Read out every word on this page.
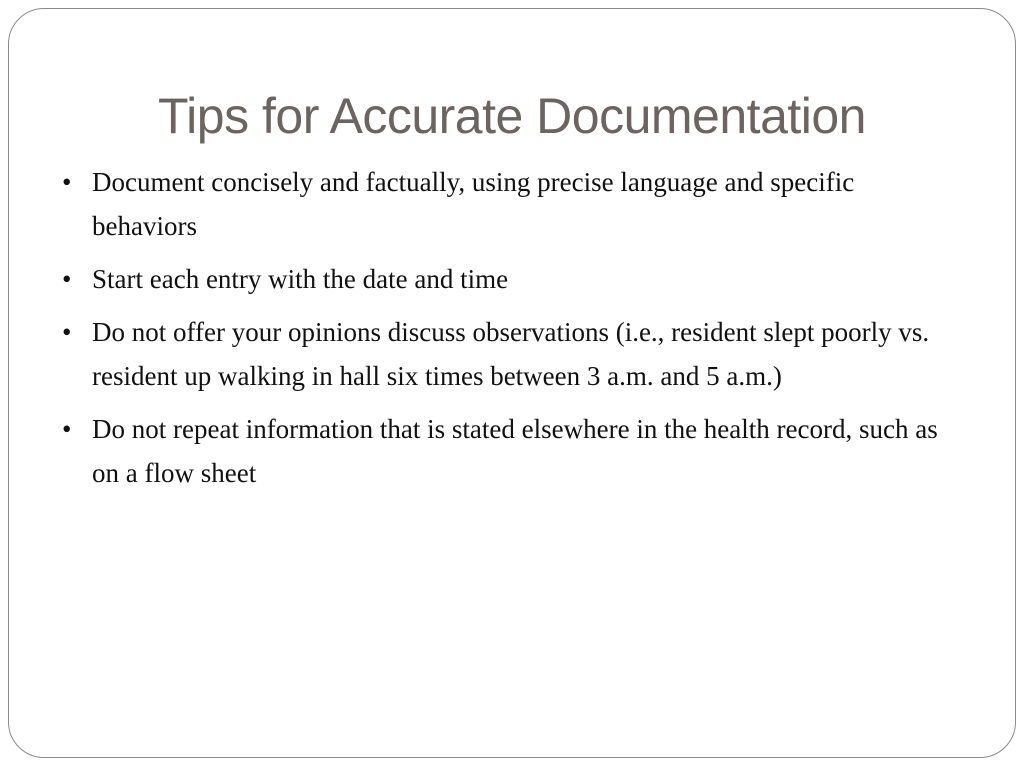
Tips for Accurate Documentation
• Document concisely and factually, using precise language and specific behaviors
• Start each entry with the date and time
• Do not offer your opinions discuss observations (i.e., resident slept poorly vs. resident up walking in hall six times between 3 a.m. and 5 a.m.)
• Do not repeat information that is stated elsewhere in the health record, such as on a flow sheet
